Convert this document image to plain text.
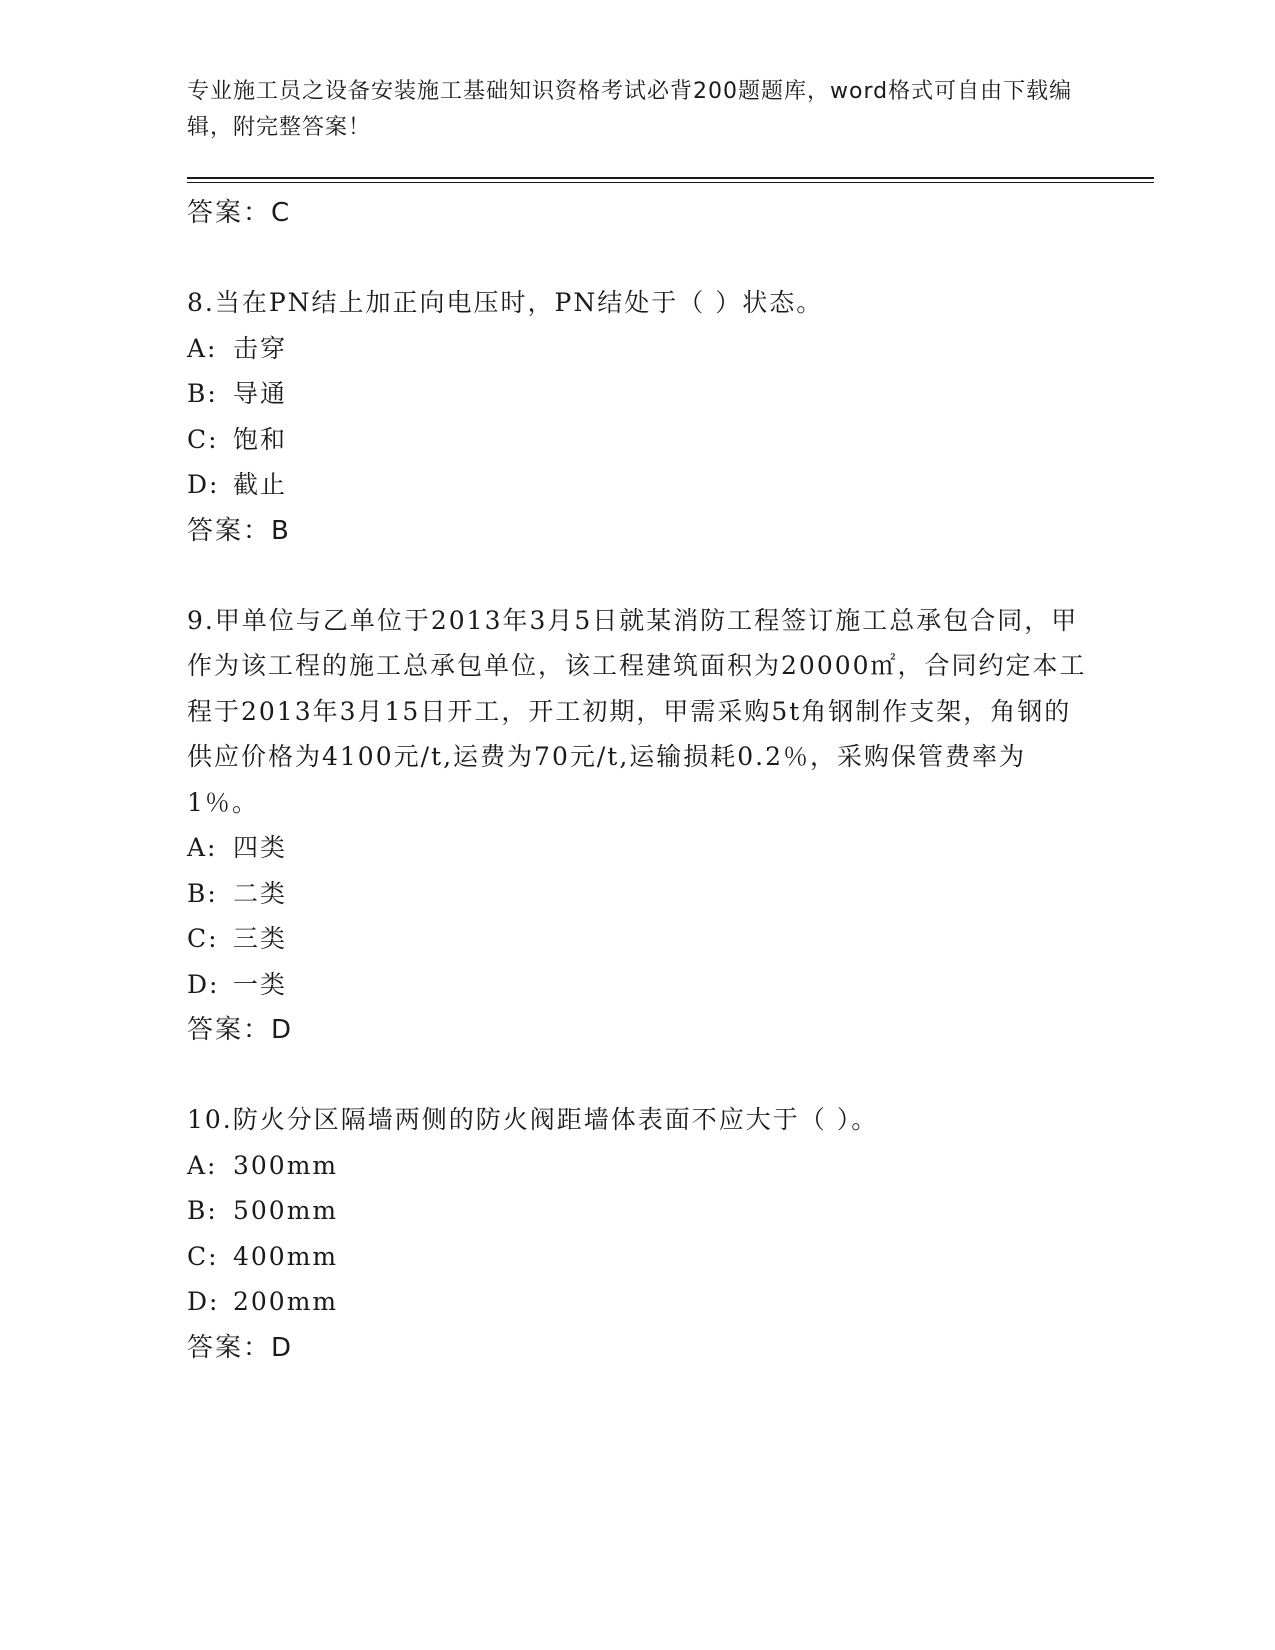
专业施工员之设备安装施工基础知识资格考试必背200题题库，word格式可自由下载编辑，附完整答案！
答案：C
8.当在PN结上加正向电压时，PN结处于（ ）状态。
A: 击穿
B: 导通
C: 饱和
D: 截止
答案：B
9.甲单位与乙单位于2013年3月5日就某消防工程签订施工总承包合同，甲作为该工程的施工总承包单位，该工程建筑面积为20000㎡，合同约定本工程于2013年3月15日开工，开工初期，甲需采购5t角钢制作支架，角钢的供应价格为4100元/t,运费为70元/t,运输损耗0.2％，采购保管费率为1％。
A: 四类
B: 二类
C: 三类
D: 一类
答案：D
10.防火分区隔墙两侧的防火阀距墙体表面不应大于（ ）。
A: 300mm
B: 500mm
C: 400mm
D: 200mm
答案：D
